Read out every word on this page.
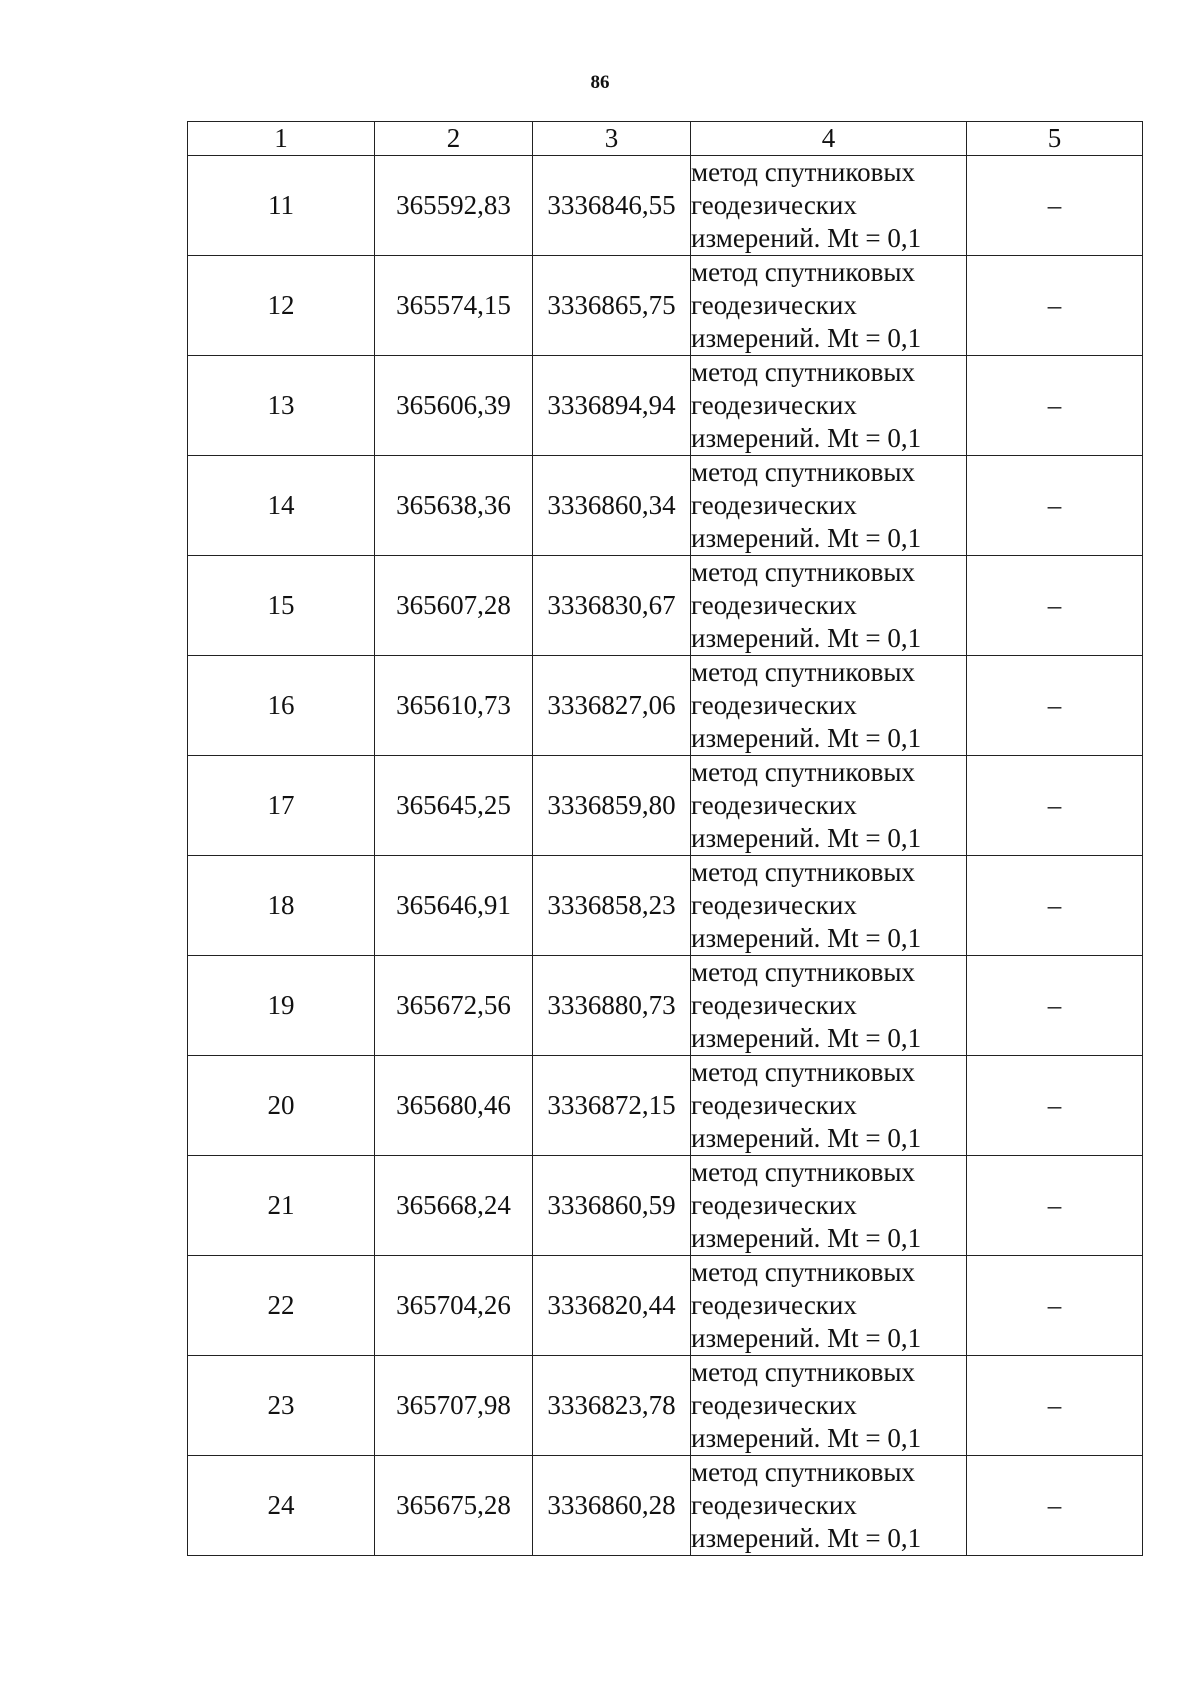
86
1	2	3	4	5
11	365592,83	3336846,55	метод спутниковых
геодезических
измерений. Mt = 0,1	–
12	365574,15	3336865,75	метод спутниковых
геодезических
измерений. Mt = 0,1	–
13	365606,39	3336894,94	метод спутниковых
геодезических
измерений. Mt = 0,1	–
14	365638,36	3336860,34	метод спутниковых
геодезических
измерений. Mt = 0,1	–
15	365607,28	3336830,67	метод спутниковых
геодезических
измерений. Mt = 0,1	–
16	365610,73	3336827,06	метод спутниковых
геодезических
измерений. Mt = 0,1	–
17	365645,25	3336859,80	метод спутниковых
геодезических
измерений. Mt = 0,1	–
18	365646,91	3336858,23	метод спутниковых
геодезических
измерений. Mt = 0,1	–
19	365672,56	3336880,73	метод спутниковых
геодезических
измерений. Mt = 0,1	–
20	365680,46	3336872,15	метод спутниковых
геодезических
измерений. Mt = 0,1	–
21	365668,24	3336860,59	метод спутниковых
геодезических
измерений. Mt = 0,1	–
22	365704,26	3336820,44	метод спутниковых
геодезических
измерений. Mt = 0,1	–
23	365707,98	3336823,78	метод спутниковых
геодезических
измерений. Mt = 0,1	–
24	365675,28	3336860,28	метод спутниковых
геодезических
измерений. Mt = 0,1	–
